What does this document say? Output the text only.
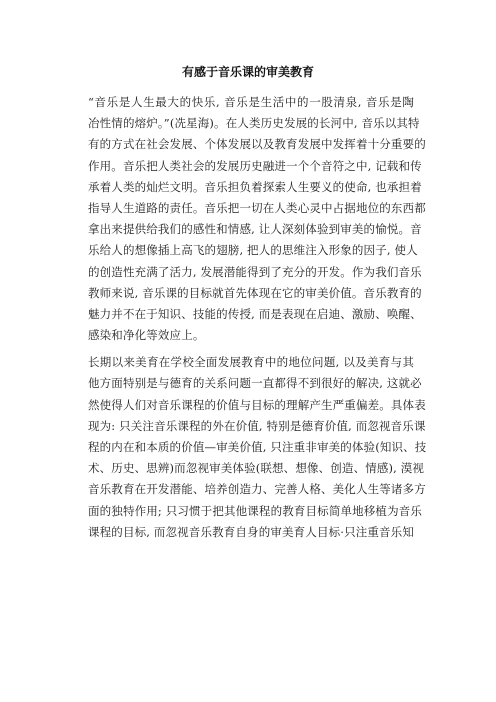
有感于音乐课的审美教育
“音乐是人生最大的快乐, 音乐是生活中的一股清泉, 音乐是陶
冶性情的熔炉。”(冼星海)。在人类历史发展的长河中, 音乐以其特
有的方式在社会发展、个体发展以及教育发展中发挥着十分重要的
作用。音乐把人类社会的发展历史融进一个个音符之中, 记载和传
承着人类的灿烂文明。音乐担负着探索人生要义的使命, 也承担着
指导人生道路的责任。音乐把一切在人类心灵中占据地位的东西都
拿出来提供给我们的感性和情感, 让人深刻体验到审美的愉悦。音
乐给人的想像插上高飞的翅膀, 把人的思维注入形象的因子, 使人
的创造性充满了活力, 发展潜能得到了充分的开发。作为我们音乐
教师来说, 音乐课的目标就首先体现在它的审美价值。音乐教育的
魅力并不在于知识、技能的传授, 而是表现在启迪、激励、唤醒、
感染和净化等效应上。
长期以来美育在学校全面发展教育中的地位问题, 以及美育与其
他方面特别是与德育的关系问题一直都得不到很好的解决, 这就必
然使得人们对音乐课程的价值与目标的理解产生严重偏差。具体表
现为: 只关注音乐课程的外在价值, 特别是德育价值, 而忽视音乐课
程的内在和本质的价值—审美价值, 只注重非审美的体验(知识、技
术、历史、思辨)而忽视审美体验(联想、想像、创造、情感), 漠视
音乐教育在开发潜能、培养创造力、完善人格、美化人生等诸多方
面的独特作用; 只习惯于把其他课程的教育目标简单地移植为音乐
课程的目标, 而忽视音乐教育自身的审美育人目标·只注重音乐知
